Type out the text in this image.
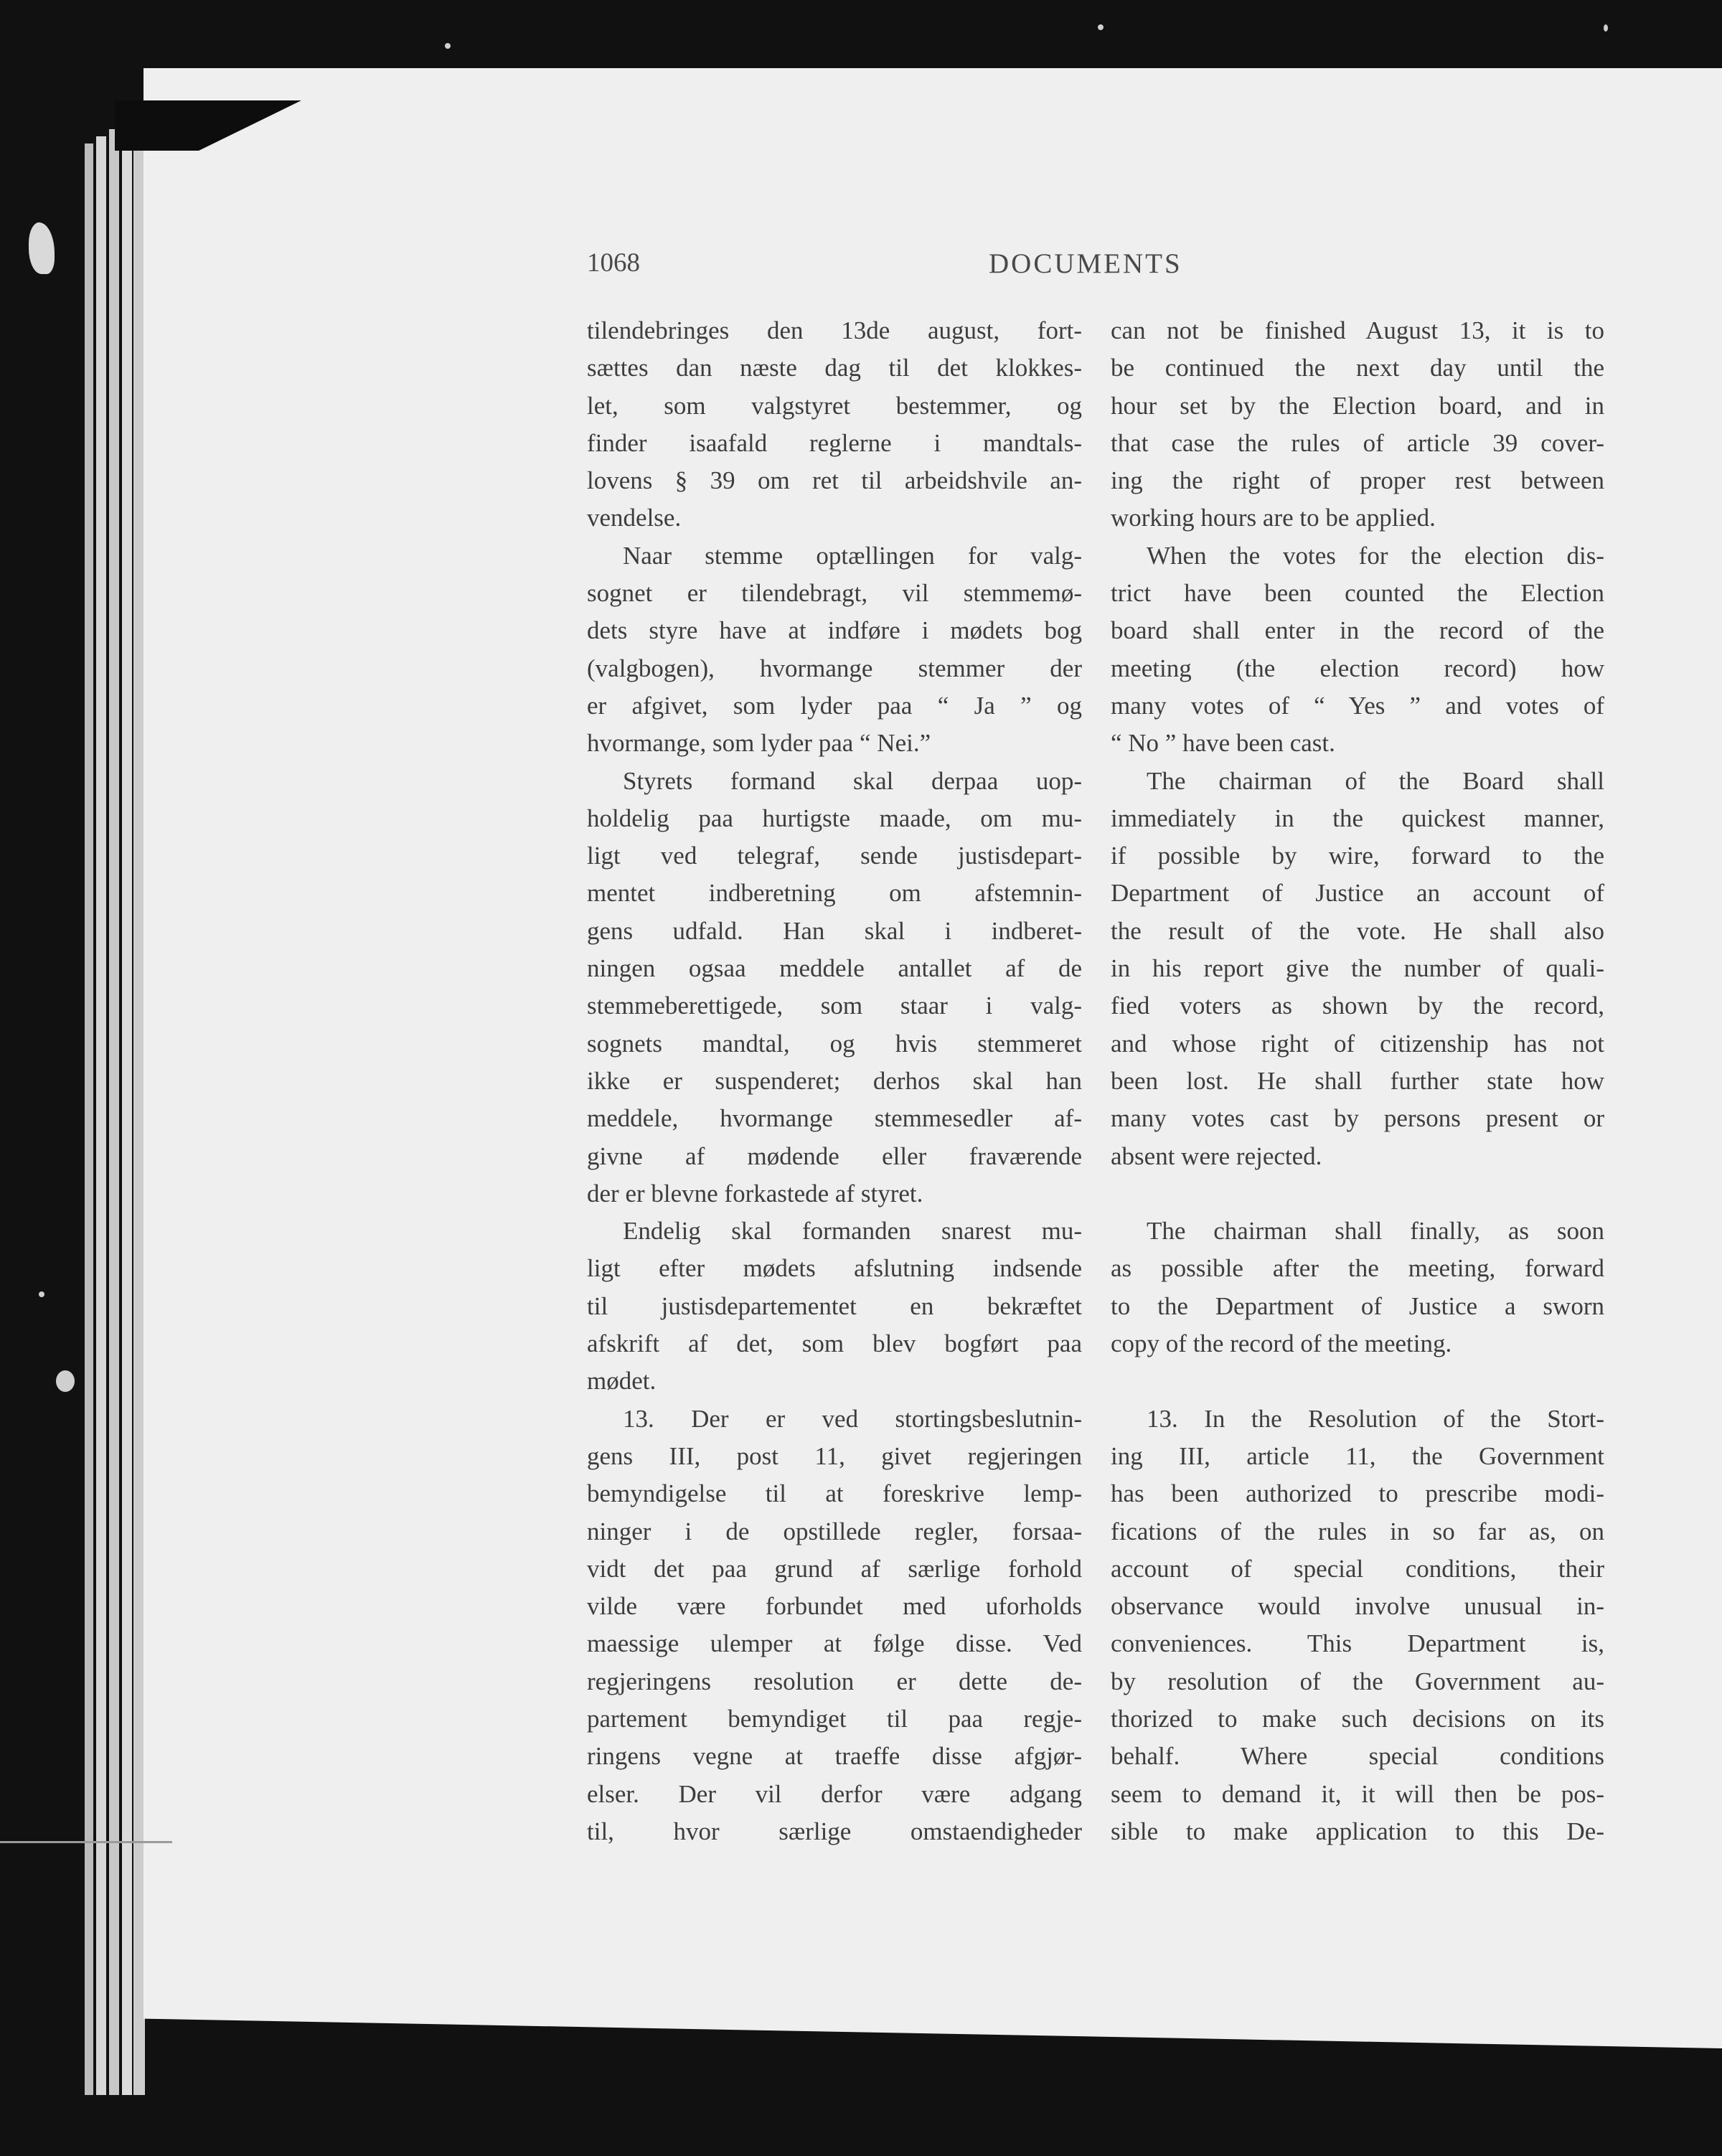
1068	DOCUMENTS
tilendebringes den 13de august, fort-
sættes dan næste dag til det klokkes-
let, som valgstyret bestemmer, og
finder isaafald reglerne i mandtals-
lovens § 39 om ret til arbeidshvile an-
vendelse.
Naar stemme optællingen for valg-
sognet er tilendebragt, vil stemmemø-
dets styre have at indføre i mødets bog
(valgbogen), hvormange stemmer der
er afgivet, som lyder paa “ Ja ” og
hvormange, som lyder paa “ Nei.”
Styrets formand skal derpaa uop-
holdelig paa hurtigste maade, om mu-
ligt ved telegraf, sende justisdepart-
mentet indberetning om afstemnin-
gens udfald. Han skal i indberet-
ningen ogsaa meddele antallet af de
stemmeberettigede, som staar i valg-
sognets mandtal, og hvis stemmeret
ikke er suspenderet; derhos skal han
meddele, hvormange stemmesedler af-
givne af mødende eller fraværende
der er blevne forkastede af styret.
Endelig skal formanden snarest mu-
ligt efter mødets afslutning indsende
til justisdepartementet en bekræftet
afskrift af det, som blev bogført paa
mødet.
13. Der er ved stortingsbeslutnin-
gens III, post 11, givet regjeringen
bemyndigelse til at foreskrive lemp-
ninger i de opstillede regler, forsaa-
vidt det paa grund af særlige forhold
vilde være forbundet med uforholds
maessige ulemper at følge disse. Ved
regjeringens resolution er dette de-
partement bemyndiget til paa regje-
ringens vegne at traeffe disse afgjør-
elser. Der vil derfor være adgang
til, hvor særlige omstaendigheder
can not be finished August 13, it is to
be continued the next day until the
hour set by the Election board, and in
that case the rules of article 39 cover-
ing the right of proper rest between
working hours are to be applied.
When the votes for the election dis-
trict have been counted the Election
board shall enter in the record of the
meeting (the election record) how
many votes of “ Yes ” and votes of
“ No ” have been cast.
The chairman of the Board shall
immediately in the quickest manner,
if possible by wire, forward to the
Department of Justice an account of
the result of the vote. He shall also
in his report give the number of quali-
fied voters as shown by the record,
and whose right of citizenship has not
been lost. He shall further state how
many votes cast by persons present or
absent were rejected.
The chairman shall finally, as soon
as possible after the meeting, forward
to the Department of Justice a sworn
copy of the record of the meeting.
13. In the Resolution of the Stort-
ing III, article 11, the Government
has been authorized to prescribe modi-
fications of the rules in so far as, on
account of special conditions, their
observance would involve unusual in-
conveniences. This Department is,
by resolution of the Government au-
thorized to make such decisions on its
behalf. Where special conditions
seem to demand it, it will then be pos-
sible to make application to this De-
